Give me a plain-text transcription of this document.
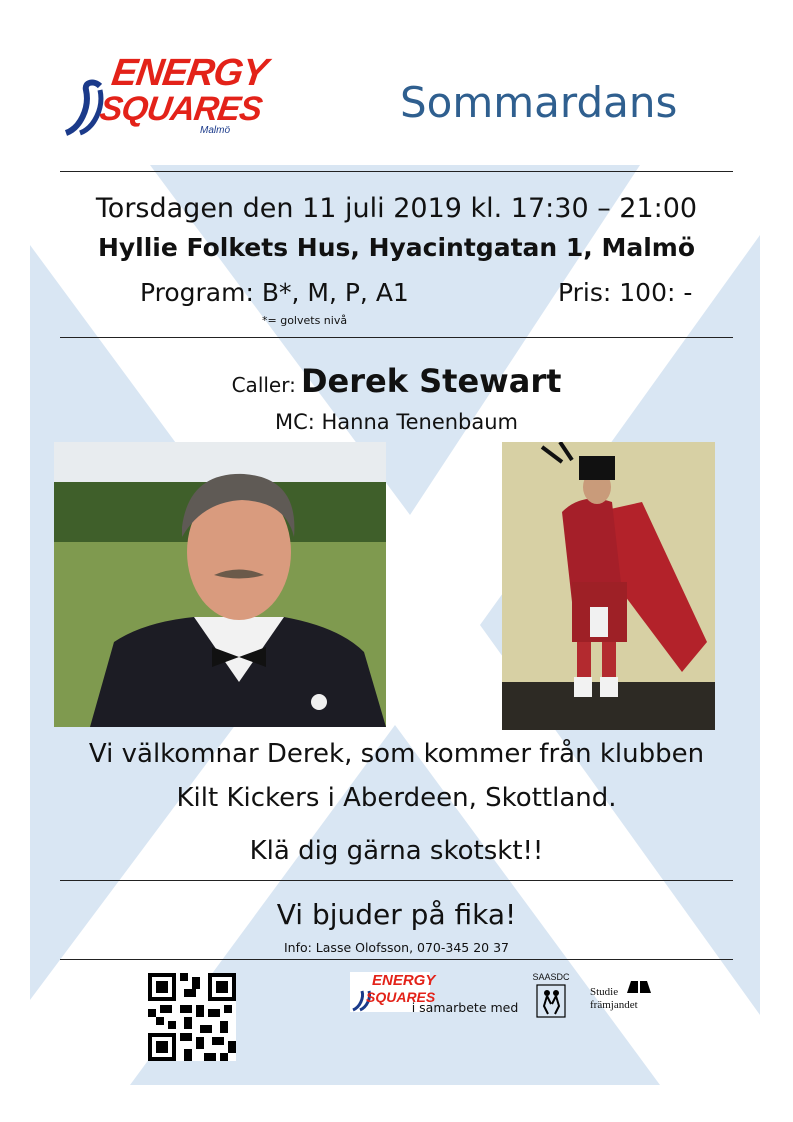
ENERGY
SQUARES
Malmö
Sommardans
Torsdagen den 11 juli 2019 kl. 17:30 – 21:00
Hyllie Folkets Hus, Hyacintgatan 1, Malmö
Program: B*, M, P, A1	Pris: 100: -
*= golvets nivå
Caller: Derek Stewart
MC: Hanna Tenenbaum
Vi välkomnar Derek, som kommer från klubben
Kilt Kickers i Aberdeen, Skottland.
Klä dig gärna skotskt!!
Vi bjuder på fika!
Info: Lasse Olofsson, 070-345 20 37
ENERGY
SQUARES
i samarbete med
SAASDC
Studie
främjandet
